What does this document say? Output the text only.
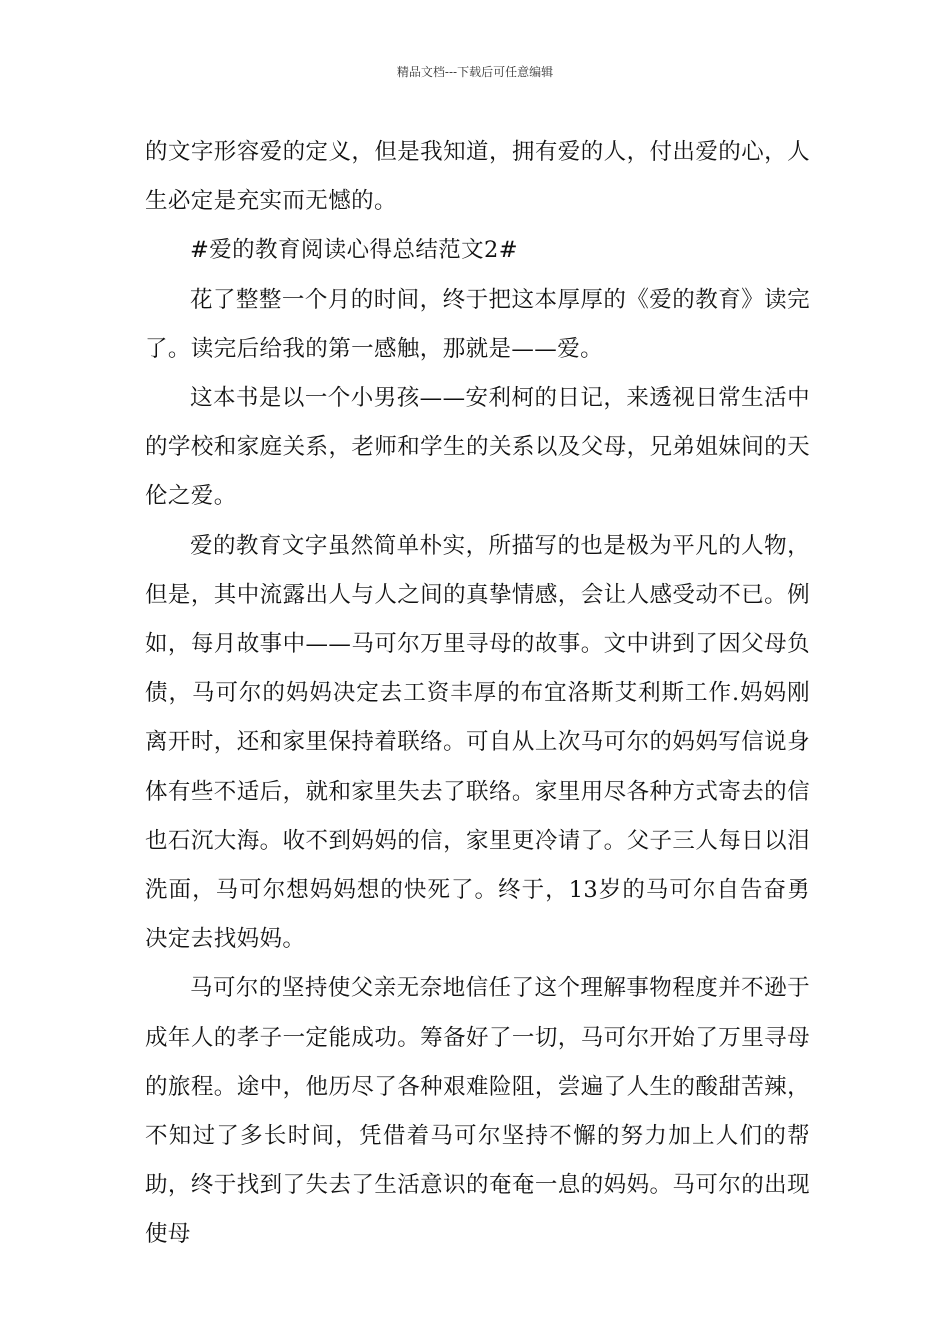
精品文档---下载后可任意编辑

的文字形容爱的定义，但是我知道，拥有爱的人，付出爱的心，人生必定是充实而无憾的。

#爱的教育阅读心得总结范文2#

花了整整一个月的时间，终于把这本厚厚的《爱的教育》读完了。读完后给我的第一感触，那就是——爱。

这本书是以一个小男孩——安利柯的日记，来透视日常生活中的学校和家庭关系，老师和学生的关系以及父母，兄弟姐妹间的天伦之爱。

爱的教育文字虽然简单朴实，所描写的也是极为平凡的人物，但是，其中流露出人与人之间的真挚情感，会让人感受动不已。例如，每月故事中——马可尔万里寻母的故事。文中讲到了因父母负债，马可尔的妈妈决定去工资丰厚的布宜洛斯艾利斯工作.妈妈刚离开时，还和家里保持着联络。可自从上次马可尔的妈妈写信说身体有些不适后，就和家里失去了联络。家里用尽各种方式寄去的信也石沉大海。收不到妈妈的信，家里更冷请了。父子三人每日以泪洗面，马可尔想妈妈想的快死了。终于，13岁的马可尔自告奋勇决定去找妈妈。

马可尔的坚持使父亲无奈地信任了这个理解事物程度并不逊于成年人的孝子一定能成功。筹备好了一切，马可尔开始了万里寻母的旅程。途中，他历尽了各种艰难险阻，尝遍了人生的酸甜苦辣，不知过了多长时间，凭借着马可尔坚持不懈的努力加上人们的帮助，终于找到了失去了生活意识的奄奄一息的妈妈。马可尔的出现使母
